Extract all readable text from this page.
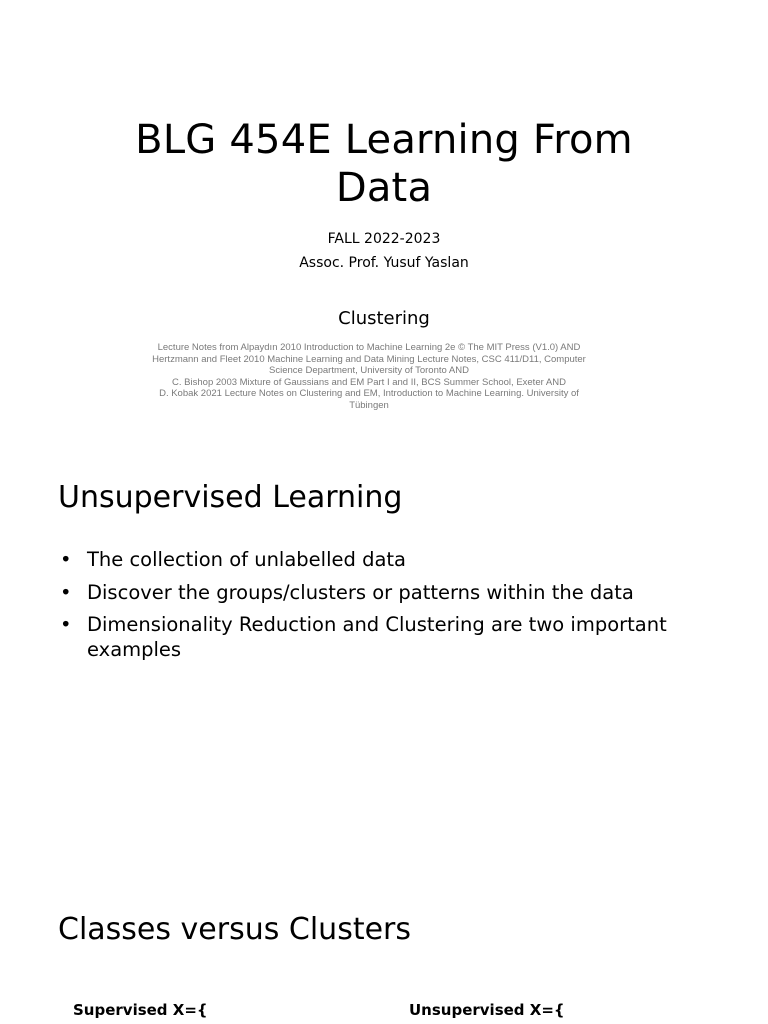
BLG 454E Learning From Data
FALL 2022-2023
Assoc. Prof. Yusuf Yaslan
Clustering
Lecture Notes from Alpaydın 2010 Introduction to Machine Learning 2e © The MIT Press (V1.0) AND Hertzmann and Fleet 2010 Machine Learning and Data Mining Lecture Notes, CSC 411/D11, Computer Science Department, University of Toronto AND
C. Bishop 2003 Mixture of Gaussians and EM Part I and II, BCS Summer School, Exeter AND
D. Kobak 2021 Lecture Notes on Clustering and EM, Introduction to Machine Learning. University of Tübingen
Unsupervised Learning
• The collection of unlabelled data
• Discover the groups/clusters or patterns within the data
• Dimensionality Reduction and Clustering are two important examples
Classes versus Clusters
Supervised X={	Unsupervised X={
